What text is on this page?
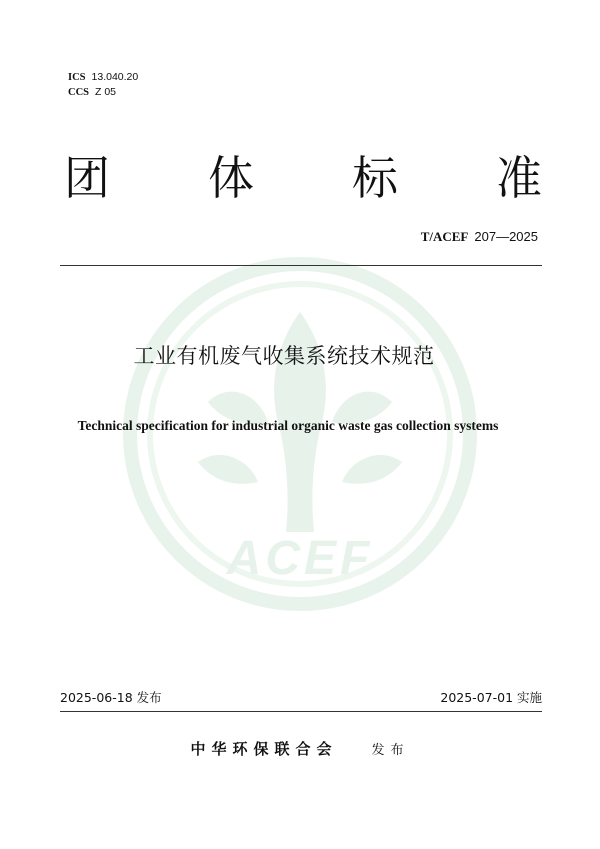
ACEF
ICS 13.040.20
CCS Z 05
团 体 标 准
T/ACEF 207—2025
工业有机废气收集系统技术规范
Technical specification for industrial organic waste gas collection systems
2025-06-18 发布	2025-07-01 实施
中华环保联合会	发布
